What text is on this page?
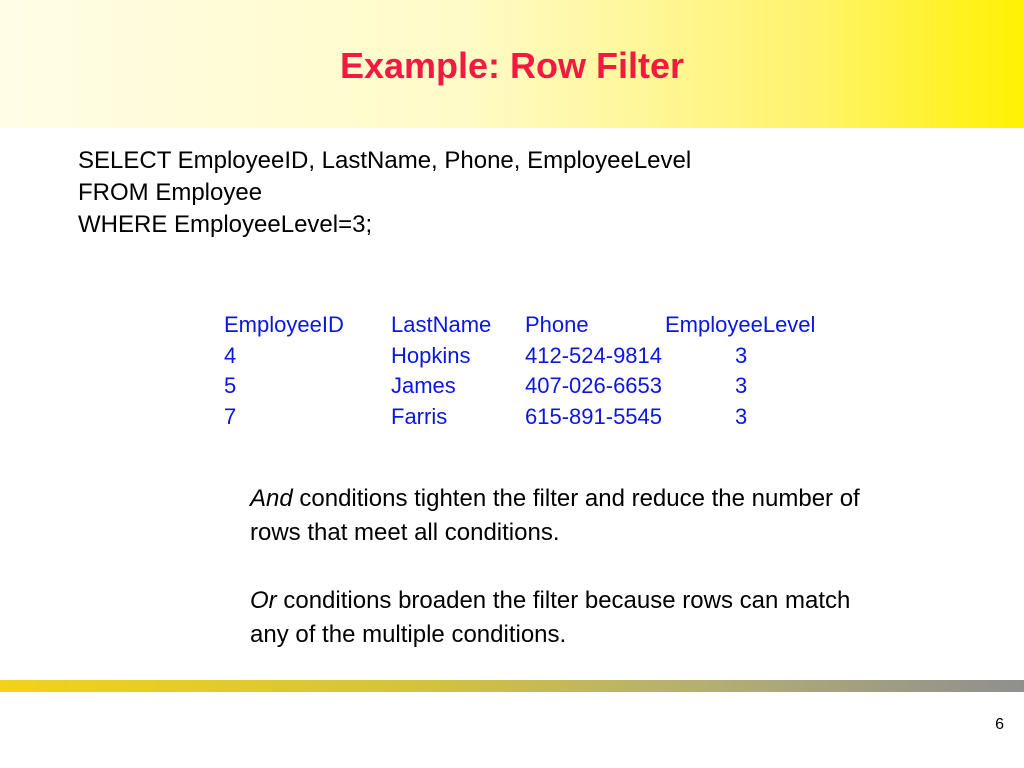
Example: Row Filter
SELECT EmployeeID, LastName, Phone, EmployeeLevel
FROM Employee
WHERE EmployeeLevel=3;
EmployeeID	LastName	Phone	EmployeeLevel
4	Hopkins	412-524-9814	3
5	James	407-026-6653	3
7	Farris	615-891-5545	3

And conditions tighten the filter and reduce the number of rows that meet all conditions.

Or conditions broaden the filter because rows can match any of the multiple conditions.

6
